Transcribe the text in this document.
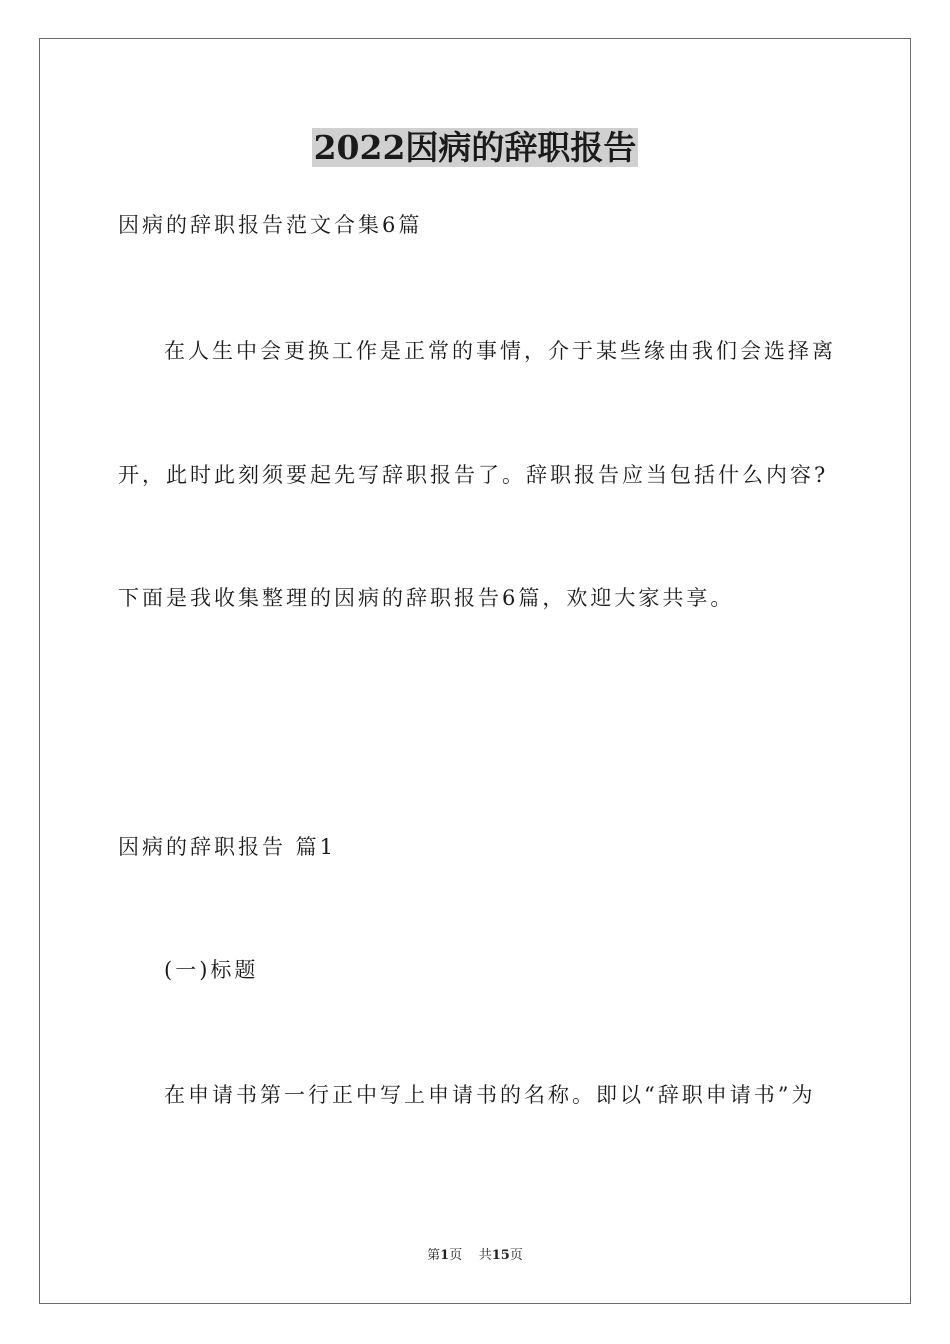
2022因病的辞职报告
因病的辞职报告范文合集6篇
在人生中会更换工作是正常的事情，介于某些缘由我们会选择离
开，此时此刻须要起先写辞职报告了。辞职报告应当包括什么内容?
下面是我收集整理的因病的辞职报告6篇，欢迎大家共享。
因病的辞职报告 篇1
(一)标题
在申请书第一行正中写上申请书的名称。即以“辞职申请书”为
第1页 共15页
